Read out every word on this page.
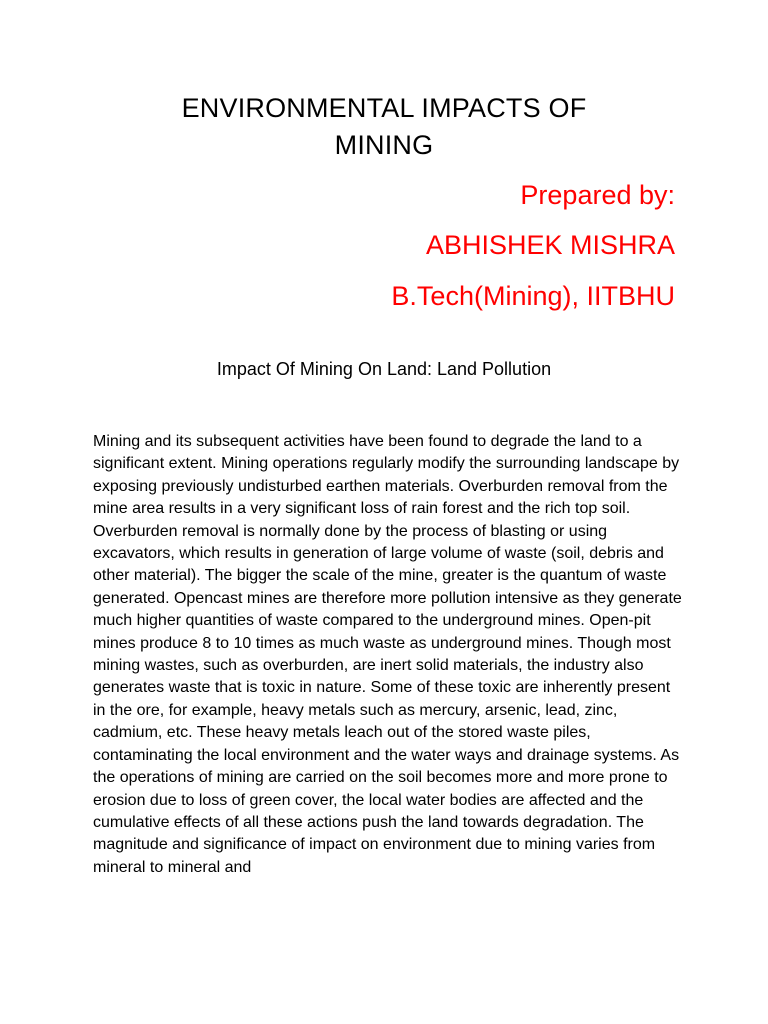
ENVIRONMENTAL IMPACTS OF
MINING

Prepared by:

ABHISHEK MISHRA

B.Tech(Mining), IITBHU

Impact Of Mining On Land: Land Pollution

Mining and its subsequent activities have been found to degrade the land to a significant extent. Mining operations regularly modify the surrounding landscape by exposing previously undisturbed earthen materials. Overburden removal from the mine area results in a very significant loss of rain forest and the rich top soil. Overburden removal is normally done by the process of blasting or using excavators, which results in generation of large volume of waste (soil, debris and other material). The bigger the scale of the mine, greater is the quantum of waste generated. Opencast mines are therefore more pollution intensive as they generate much higher quantities of waste compared to the underground mines. Open-pit mines produce 8 to 10 times as much waste as underground mines. Though most mining wastes, such as overburden, are inert solid materials, the industry also generates waste that is toxic in nature. Some of these toxic are inherently present in the ore, for example, heavy metals such as mercury, arsenic, lead, zinc, cadmium, etc. These heavy metals leach out of the stored waste piles, contaminating the local environment and the water ways and drainage systems. As the operations of mining are carried on the soil becomes more and more prone to erosion due to loss of green cover, the local water bodies are affected and the cumulative effects of all these actions push the land towards degradation. The magnitude and significance of impact on environment due to mining varies from mineral to mineral and
